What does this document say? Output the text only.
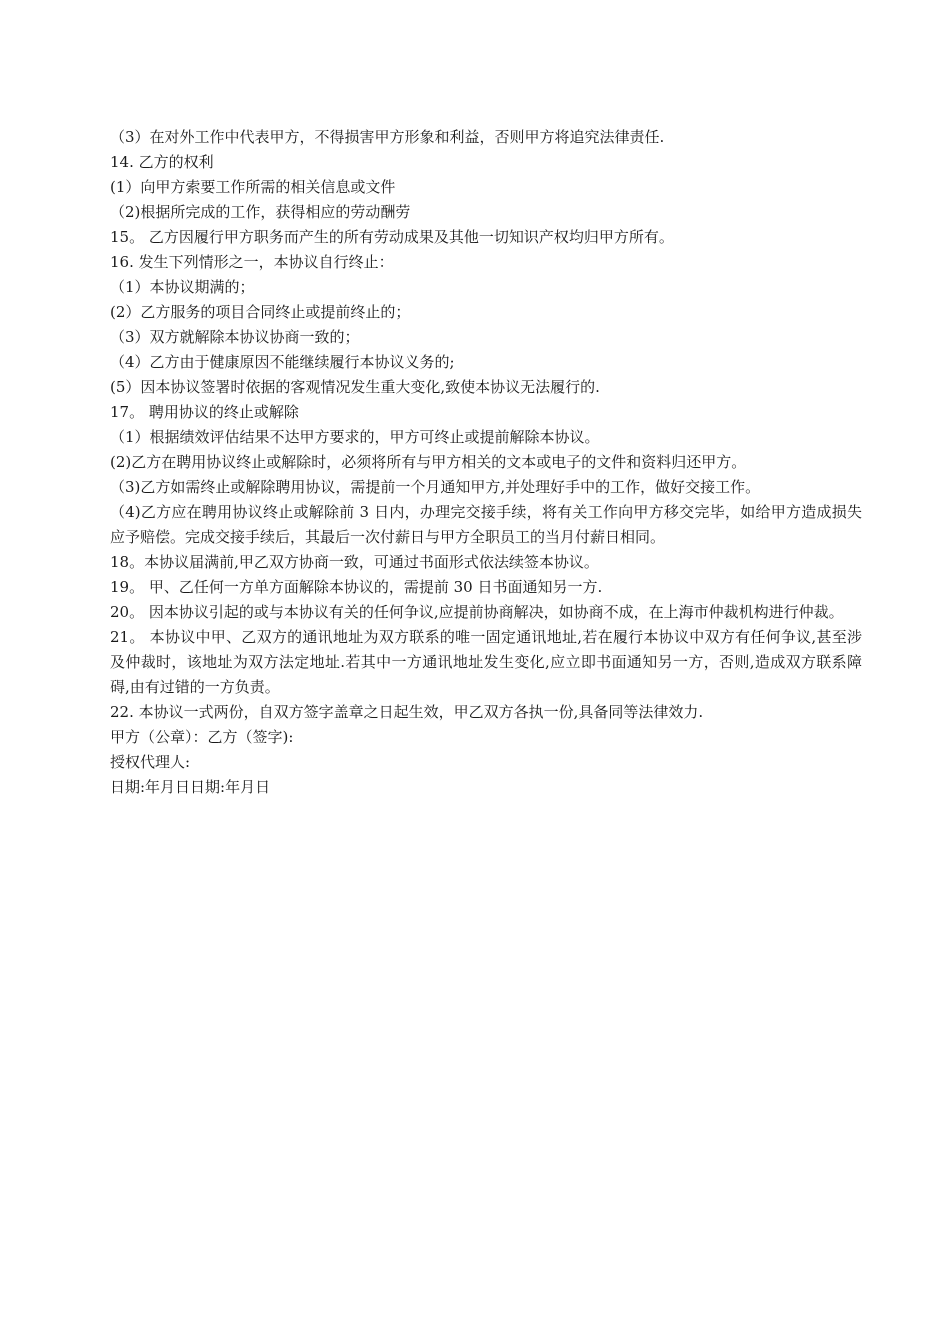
（3）在对外工作中代表甲方，不得损害甲方形象和利益，否则甲方将追究法律责任.

14. 乙方的权利

(1）向甲方索要工作所需的相关信息或文件

（2)根据所完成的工作，获得相应的劳动酬劳

15。 乙方因履行甲方职务而产生的所有劳动成果及其他一切知识产权均归甲方所有。

16. 发生下列情形之一，本协议自行终止：

（1）本协议期满的；

(2）乙方服务的项目合同终止或提前终止的；

（3）双方就解除本协议协商一致的；

（4）乙方由于健康原因不能继续履行本协议义务的;

(5）因本协议签署时依据的客观情况发生重大变化,致使本协议无法履行的.

17。 聘用协议的终止或解除

（1）根据绩效评估结果不达甲方要求的，甲方可终止或提前解除本协议。

(2)乙方在聘用协议终止或解除时，必须将所有与甲方相关的文本或电子的文件和资料归还甲方。

（3)乙方如需终止或解除聘用协议，需提前一个月通知甲方,并处理好手中的工作，做好交接工作。

（4)乙方应在聘用协议终止或解除前 3 日内，办理完交接手续，将有关工作向甲方移交完毕，如给甲方造成损失应予赔偿。完成交接手续后，其最后一次付薪日与甲方全职员工的当月付薪日相同。

18。本协议届满前,甲乙双方协商一致，可通过书面形式依法续签本协议。

19。 甲、乙任何一方单方面解除本协议的，需提前 30 日书面通知另一方.

20。 因本协议引起的或与本协议有关的任何争议,应提前协商解决，如协商不成，在上海市仲裁机构进行仲裁。

21。 本协议中甲、乙双方的通讯地址为双方联系的唯一固定通讯地址,若在履行本协议中双方有任何争议,甚至涉及仲裁时，该地址为双方法定地址.若其中一方通讯地址发生变化,应立即书面通知另一方，否则,造成双方联系障碍,由有过错的一方负责。

22. 本协议一式两份，自双方签字盖章之日起生效，甲乙双方各执一份,具备同等法律效力.

甲方（公章）：乙方（签字):

授权代理人:

日期:年月日日期:年月日
